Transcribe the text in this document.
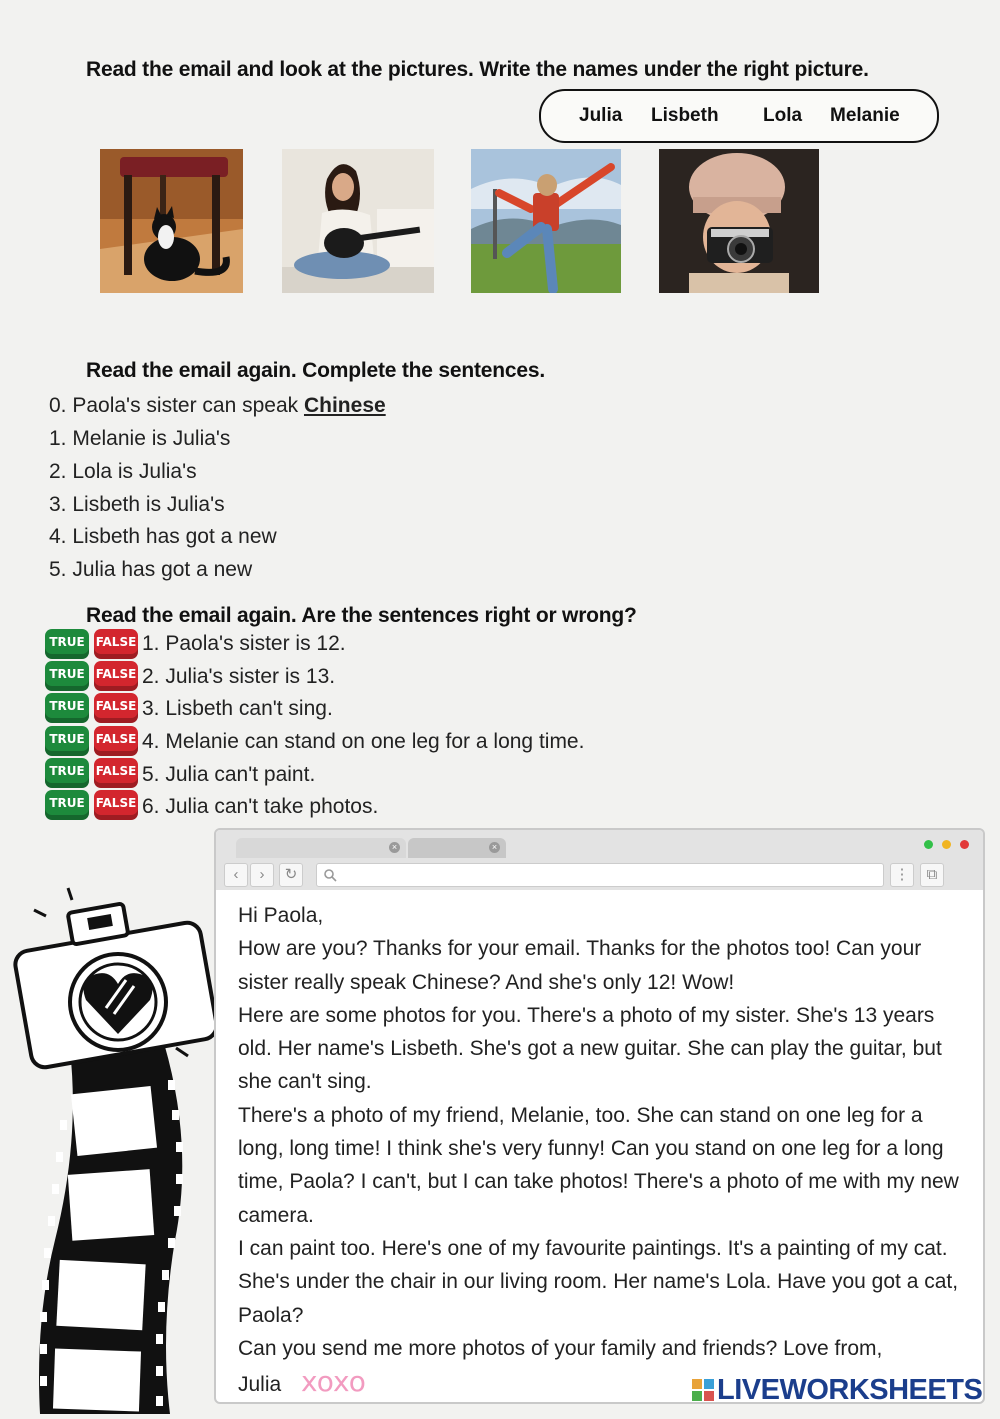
Read the email and look at the pictures. Write the names under the right picture.
Julia Lisbeth Lola Melanie
Read the email again. Complete the sentences.
0. Paola's sister can speak Chinese
1. Melanie is Julia's
2. Lola is Julia's
3. Lisbeth is Julia's
4. Lisbeth has got a new
5. Julia has got a new
Read the email again. Are the sentences right or wrong?
TRUE FALSE 1. Paola's sister is 12.
TRUE FALSE 2. Julia's sister is 13.
TRUE FALSE 3. Lisbeth can't sing.
TRUE FALSE 4. Melanie can stand on one leg for a long time.
TRUE FALSE 5. Julia can't paint.
TRUE FALSE 6. Julia can't take photos.
×	×
‹	›	↻	⋮	⧉

Hi Paola,

How are you? Thanks for your email. Thanks for the photos too! Can your sister really speak Chinese? And she's only 12! Wow!

Here are some photos for you. There's a photo of my sister. She's 13 years old. Her name's Lisbeth. She's got a new guitar. She can play the guitar, but she can't sing.

There's a photo of my friend, Melanie, too. She can stand on one leg for a long, long time! I think she's very funny! Can you stand on one leg for a long time, Paola? I can't, but I can take photos! There's a photo of me with my new camera.

I can paint too. Here's one of my favourite paintings. It's a painting of my cat. She's under the chair in our living room. Her name's Lola. Have you got a cat, Paola?

Can you send me more photos of your family and friends? Love from,

Julia xoxo	LIVEWORKSHEETS
